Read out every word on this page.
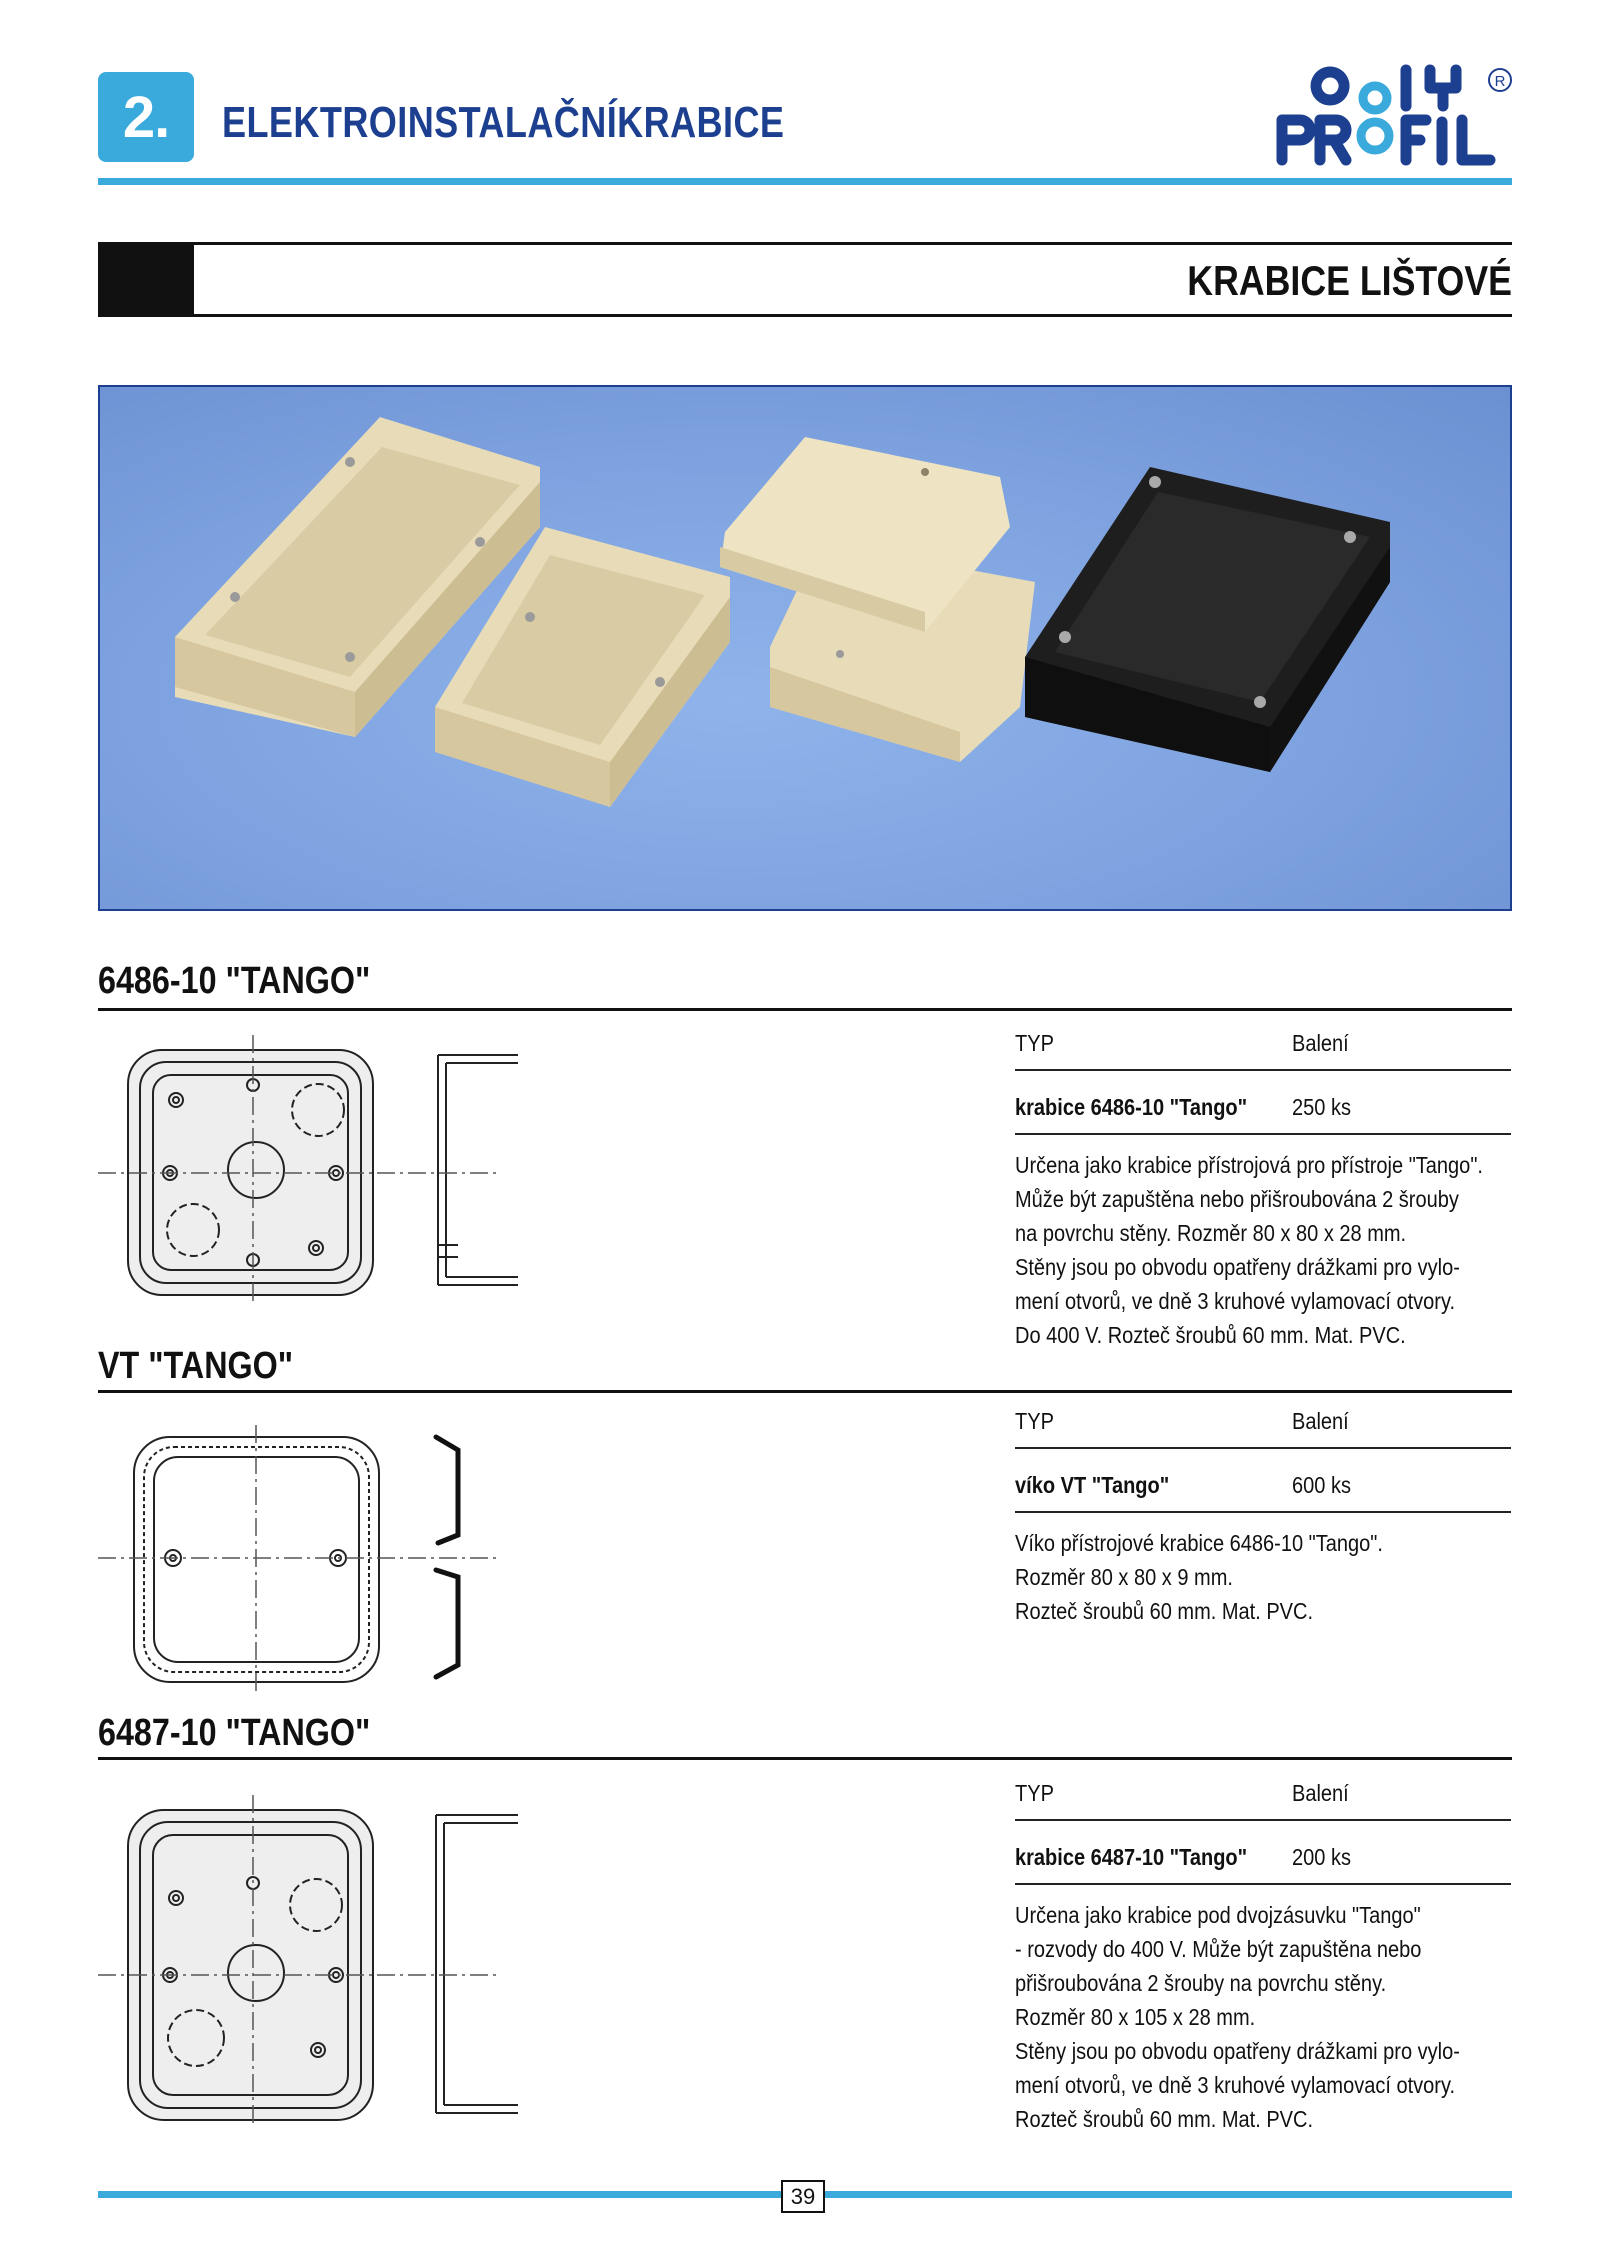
2.	ELEKTROINSTALAČNÍKRABICE
R
KRABICE LIŠTOVÉ
6486-10 "TANGO"
TYP	Balení
krabice 6486-10 "Tango" 250 ks

Určena jako krabice přístrojová pro přístroje "Tango".

Může být zapuštěna nebo přišroubována 2 šrouby

na povrchu stěny. Rozměr 80 x 80 x 28 mm.

Stěny jsou po obvodu opatřeny drážkami pro vylo-

mení otvorů, ve dně 3 kruhové vylamovací otvory.

Do 400 V. Rozteč šroubů 60 mm. Mat. PVC.

VT "TANGO"
TYP	Balení
víko VT "Tango"	600 ks

Víko přístrojové krabice 6486-10 "Tango".

Rozměr 80 x 80 x 9 mm.

Rozteč šroubů 60 mm. Mat. PVC.

6487-10 "TANGO"
TYP	Balení
krabice 6487-10 "Tango" 200 ks

Určena jako krabice pod dvojzásuvku "Tango"

- rozvody do 400 V. Může být zapuštěna nebo

přišroubována 2 šrouby na povrchu stěny.

Rozměr 80 x 105 x 28 mm.

Stěny jsou po obvodu opatřeny drážkami pro vylo-

mení otvorů, ve dně 3 kruhové vylamovací otvory.

Rozteč šroubů 60 mm. Mat. PVC.

39
